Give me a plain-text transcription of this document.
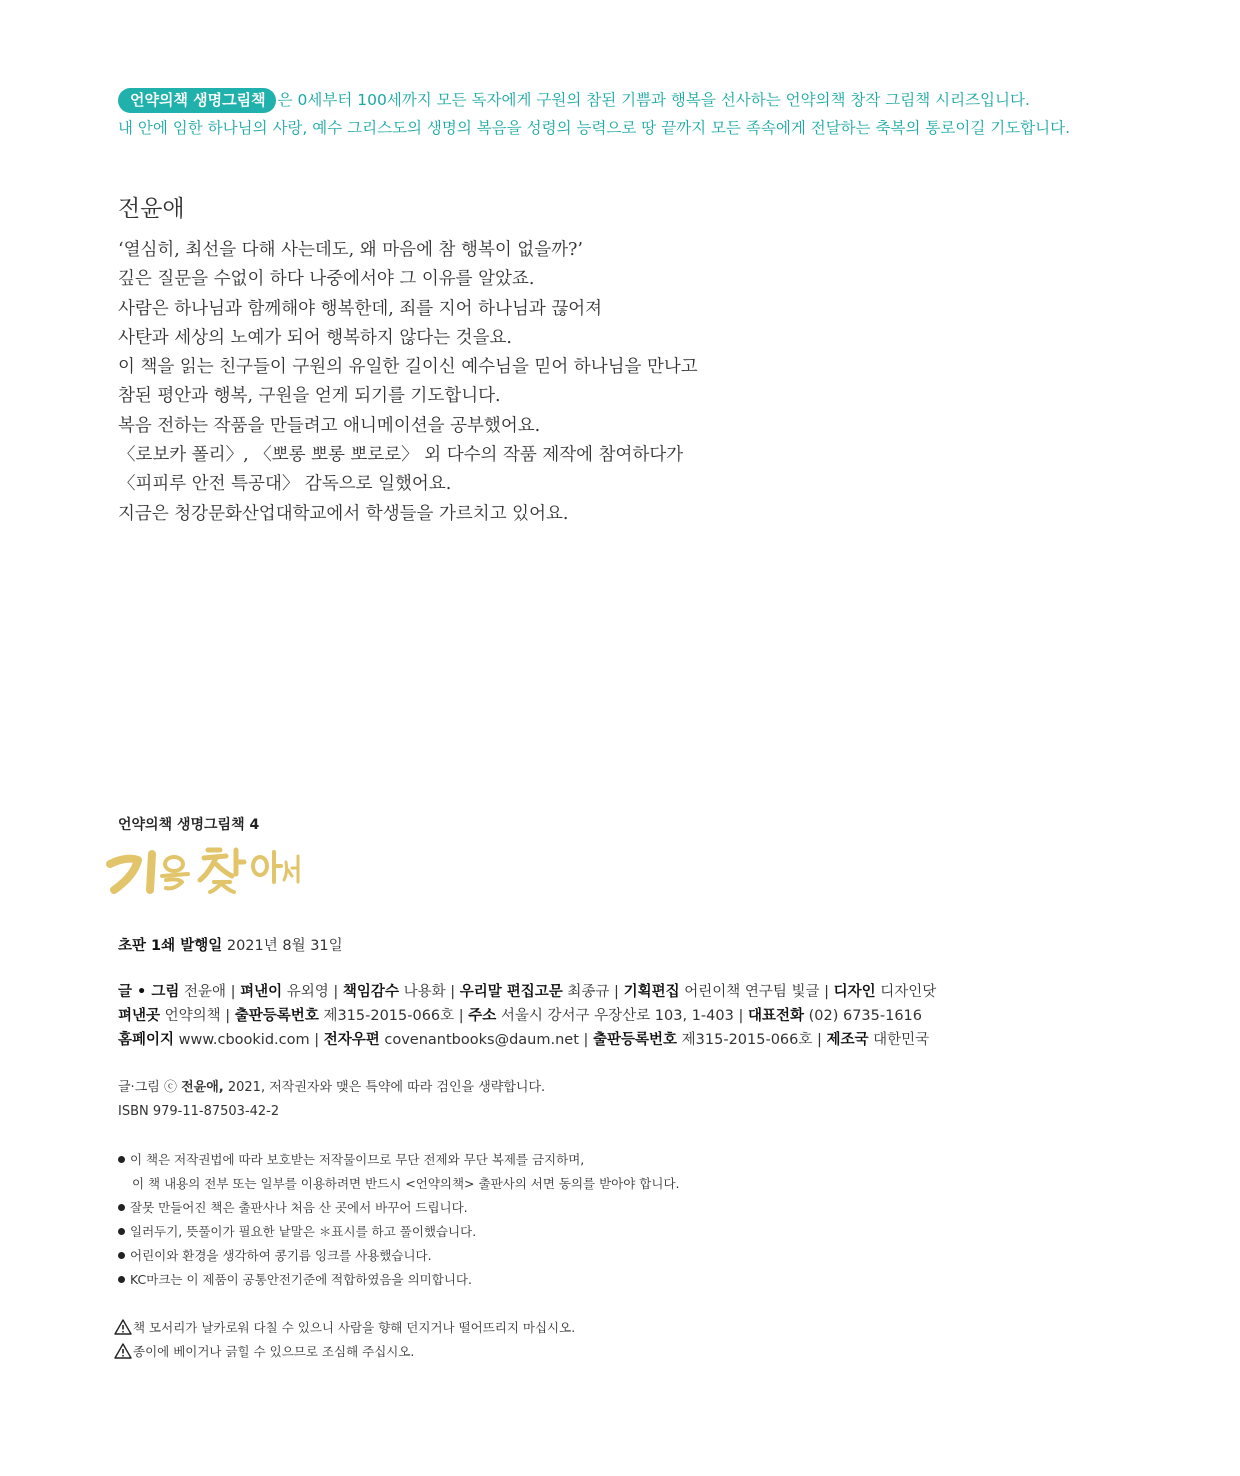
언약의책 생명그림책 은 0세부터 100세까지 모든 독자에게 구원의 참된 기쁨과 행복을 선사하는 언약의책 창작 그림책 시리즈입니다.
내 안에 임한 하나님의 사랑, 예수 그리스도의 생명의 복음을 성령의 능력으로 땅 끝까지 모든 족속에게 전달하는 축복의 통로이길 기도합니다.
전윤애
‘열심히, 최선을 다해 사는데도, 왜 마음에 참 행복이 없을까?’
깊은 질문을 수없이 하다 나중에서야 그 이유를 알았죠.
사람은 하나님과 함께해야 행복한데, 죄를 지어 하나님과 끊어져
사탄과 세상의 노예가 되어 행복하지 않다는 것을요.
이 책을 읽는 친구들이 구원의 유일한 길이신 예수님을 믿어 하나님을 만나고
참된 평안과 행복, 구원을 얻게 되기를 기도합니다.
복음 전하는 작품을 만들려고 애니메이션을 공부했어요.
〈로보카 폴리〉, 〈뽀롱 뽀롱 뽀로로〉 외 다수의 작품 제작에 참여하다가
〈피피루 안전 특공대〉 감독으로 일했어요.
지금은 청강문화산업대학교에서 학생들을 가르치고 있어요.
언약의책 생명그림책 4
초판 1쇄 발행일 2021년 8월 31일
글 • 그림 전윤애 | 펴낸이 유외영 | 책임감수 나용화 | 우리말 편집고문 최종규 | 기획편집 어린이책 연구팀 빛글 | 디자인 디자인닷
펴낸곳 언약의책 | 출판등록번호 제315-2015-066호 | 주소 서울시 강서구 우장산로 103, 1-403 | 대표전화 (02) 6735-1616
홈페이지 www.cbookid.com | 전자우편 covenantbooks@daum.net | 출판등록번호 제315-2015-066호 | 제조국 대한민국
글·그림 ⓒ 전윤애, 2021, 저작권자와 맺은 특약에 따라 검인을 생략합니다.
ISBN 979-11-87503-42-2
이 책은 저작권법에 따라 보호받는 저작물이므로 무단 전제와 무단 복제를 금지하며,
이 책 내용의 전부 또는 일부를 이용하려면 반드시 <언약의책> 출판사의 서면 동의를 받아야 합니다.
잘못 만들어진 책은 출판사나 처음 산 곳에서 바꾸어 드립니다.
일러두기, 뜻풀이가 필요한 낱말은 ＊표시를 하고 풀이했습니다.
어린이와 환경을 생각하여 콩기름 잉크를 사용했습니다.
KC마크는 이 제품이 공통안전기준에 적합하였음을 의미합니다.
책 모서리가 날카로워 다칠 수 있으니 사람을 향해 던지거나 떨어뜨리지 마십시오.
종이에 베이거나 긁힐 수 있으므로 조심해 주십시오.
